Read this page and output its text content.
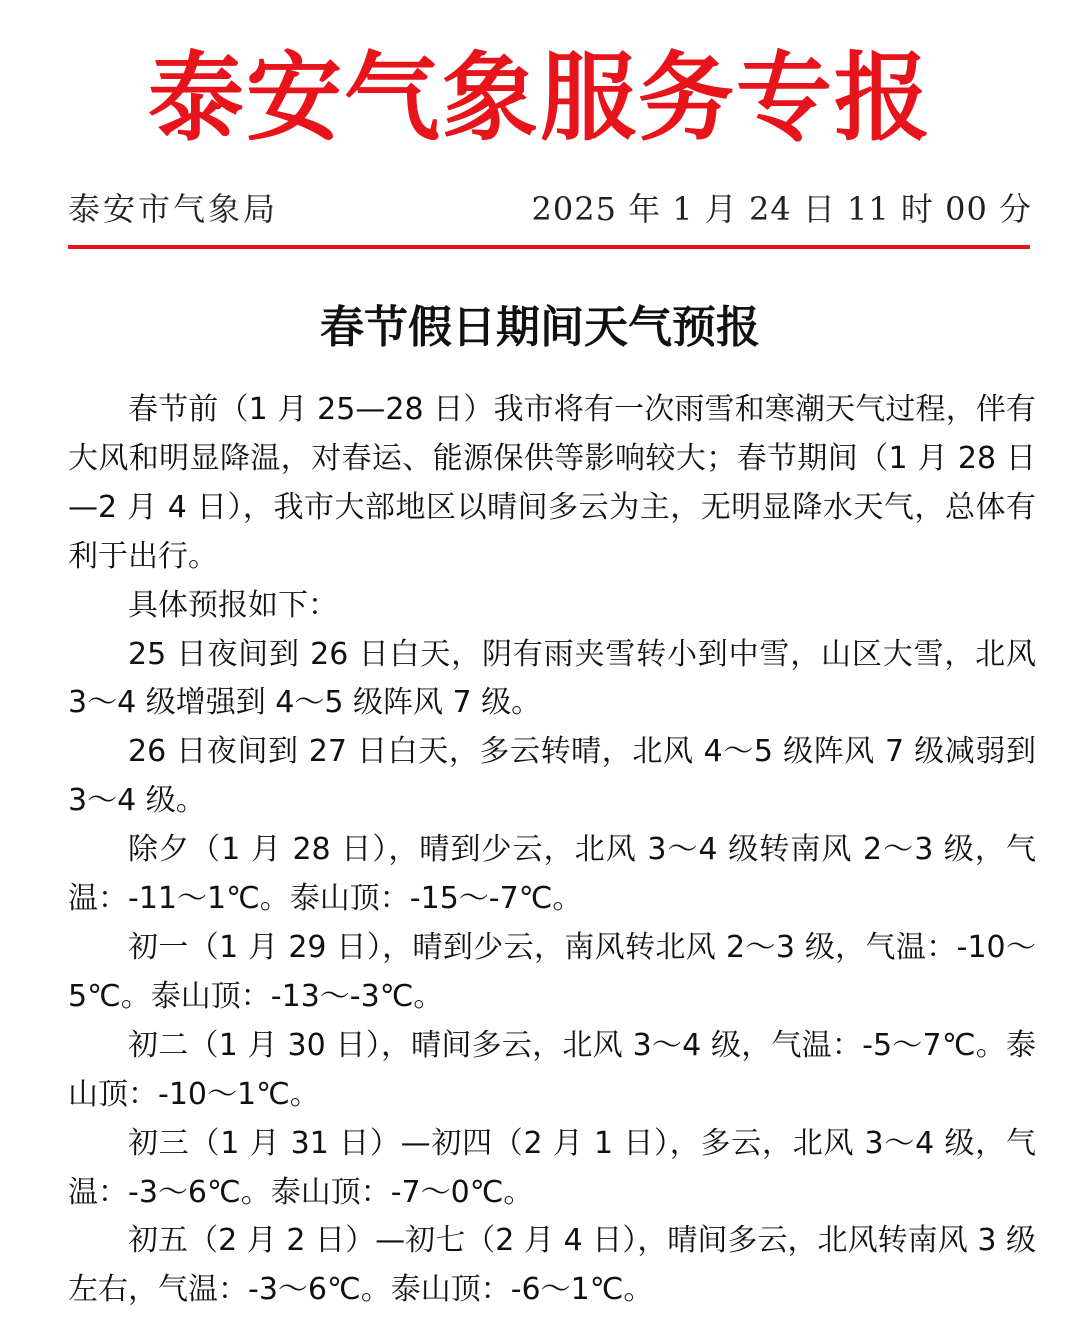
泰安气象服务专报
泰安市气象局	2025 年 1 月 24 日 11 时 00 分
春节假日期间天气预报

春节前（1 月 25—28 日）我市将有一次雨雪和寒潮天气过程，伴有大风和明显降温，对春运、能源保供等影响较大；春节期间（1 月 28 日—2 月 4 日），我市大部地区以晴间多云为主，无明显降水天气，总体有利于出行。

具体预报如下：

25 日夜间到 26 日白天，阴有雨夹雪转小到中雪，山区大雪，北风 3～4 级增强到 4～5 级阵风 7 级。

26 日夜间到 27 日白天，多云转晴，北风 4～5 级阵风 7 级减弱到 3～4 级。

除夕（1 月 28 日），晴到少云，北风 3～4 级转南风 2～3 级，气温：-11～1℃。泰山顶：-15～-7℃。

初一（1 月 29 日），晴到少云，南风转北风 2～3 级，气温：-10～5℃。泰山顶：-13～-3℃。

初二（1 月 30 日），晴间多云，北风 3～4 级，气温：-5～7℃。泰山顶：-10～1℃。

初三（1 月 31 日）—初四（2 月 1 日），多云，北风 3～4 级，气温：-3～6℃。泰山顶：-7～0℃。

初五（2 月 2 日）—初七（2 月 4 日），晴间多云，北风转南风 3 级左右，气温：-3～6℃。泰山顶：-6～1℃。
